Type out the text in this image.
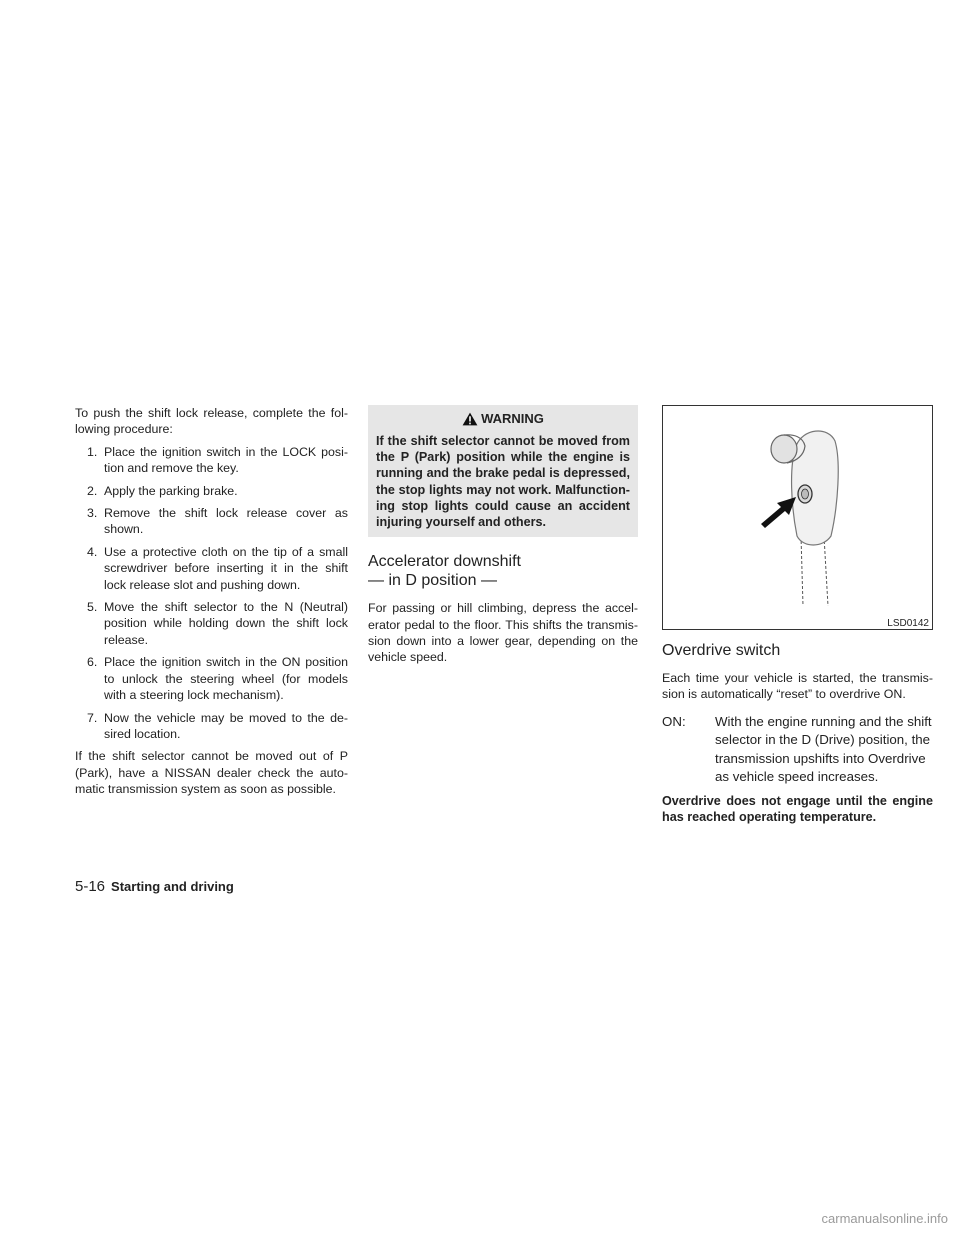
To push the shift lock release, complete the fol-lowing procedure:

1. Place the ignition switch in the LOCK posi-tion and remove the key.
2. Apply the parking brake.
3. Remove the shift lock release cover as shown.
4. Use a protective cloth on the tip of a small screwdriver before inserting it in the shift lock release slot and pushing down.
5. Move the shift selector to the N (Neutral) position while holding down the shift lock release.
6. Place the ignition switch in the ON position to unlock the steering wheel (for models with a steering lock mechanism).
7. Now the vehicle may be moved to the de-sired location.

If the shift selector cannot be moved out of P (Park), have a NISSAN dealer check the auto-matic transmission system as soon as possible.

WARNING
If the shift selector cannot be moved from the P (Park) position while the engine is running and the brake pedal is depressed, the stop lights may not work. Malfunction-ing stop lights could cause an accident injuring yourself and others.
Accelerator downshift
— in D position —

For passing or hill climbing, depress the accel-erator pedal to the floor. This shifts the transmis-sion down into a lower gear, depending on the vehicle speed.

LSD0142
Overdrive switch

Each time your vehicle is started, the transmis-sion is automatically “reset” to overdrive ON.

ON: With the engine running and the shift selector in the D (Drive) position, the transmission upshifts into Overdrive as vehicle speed increases.

Overdrive does not engage until the engine has reached operating temperature.

5-16 Starting and driving
carmanualsonline.info
